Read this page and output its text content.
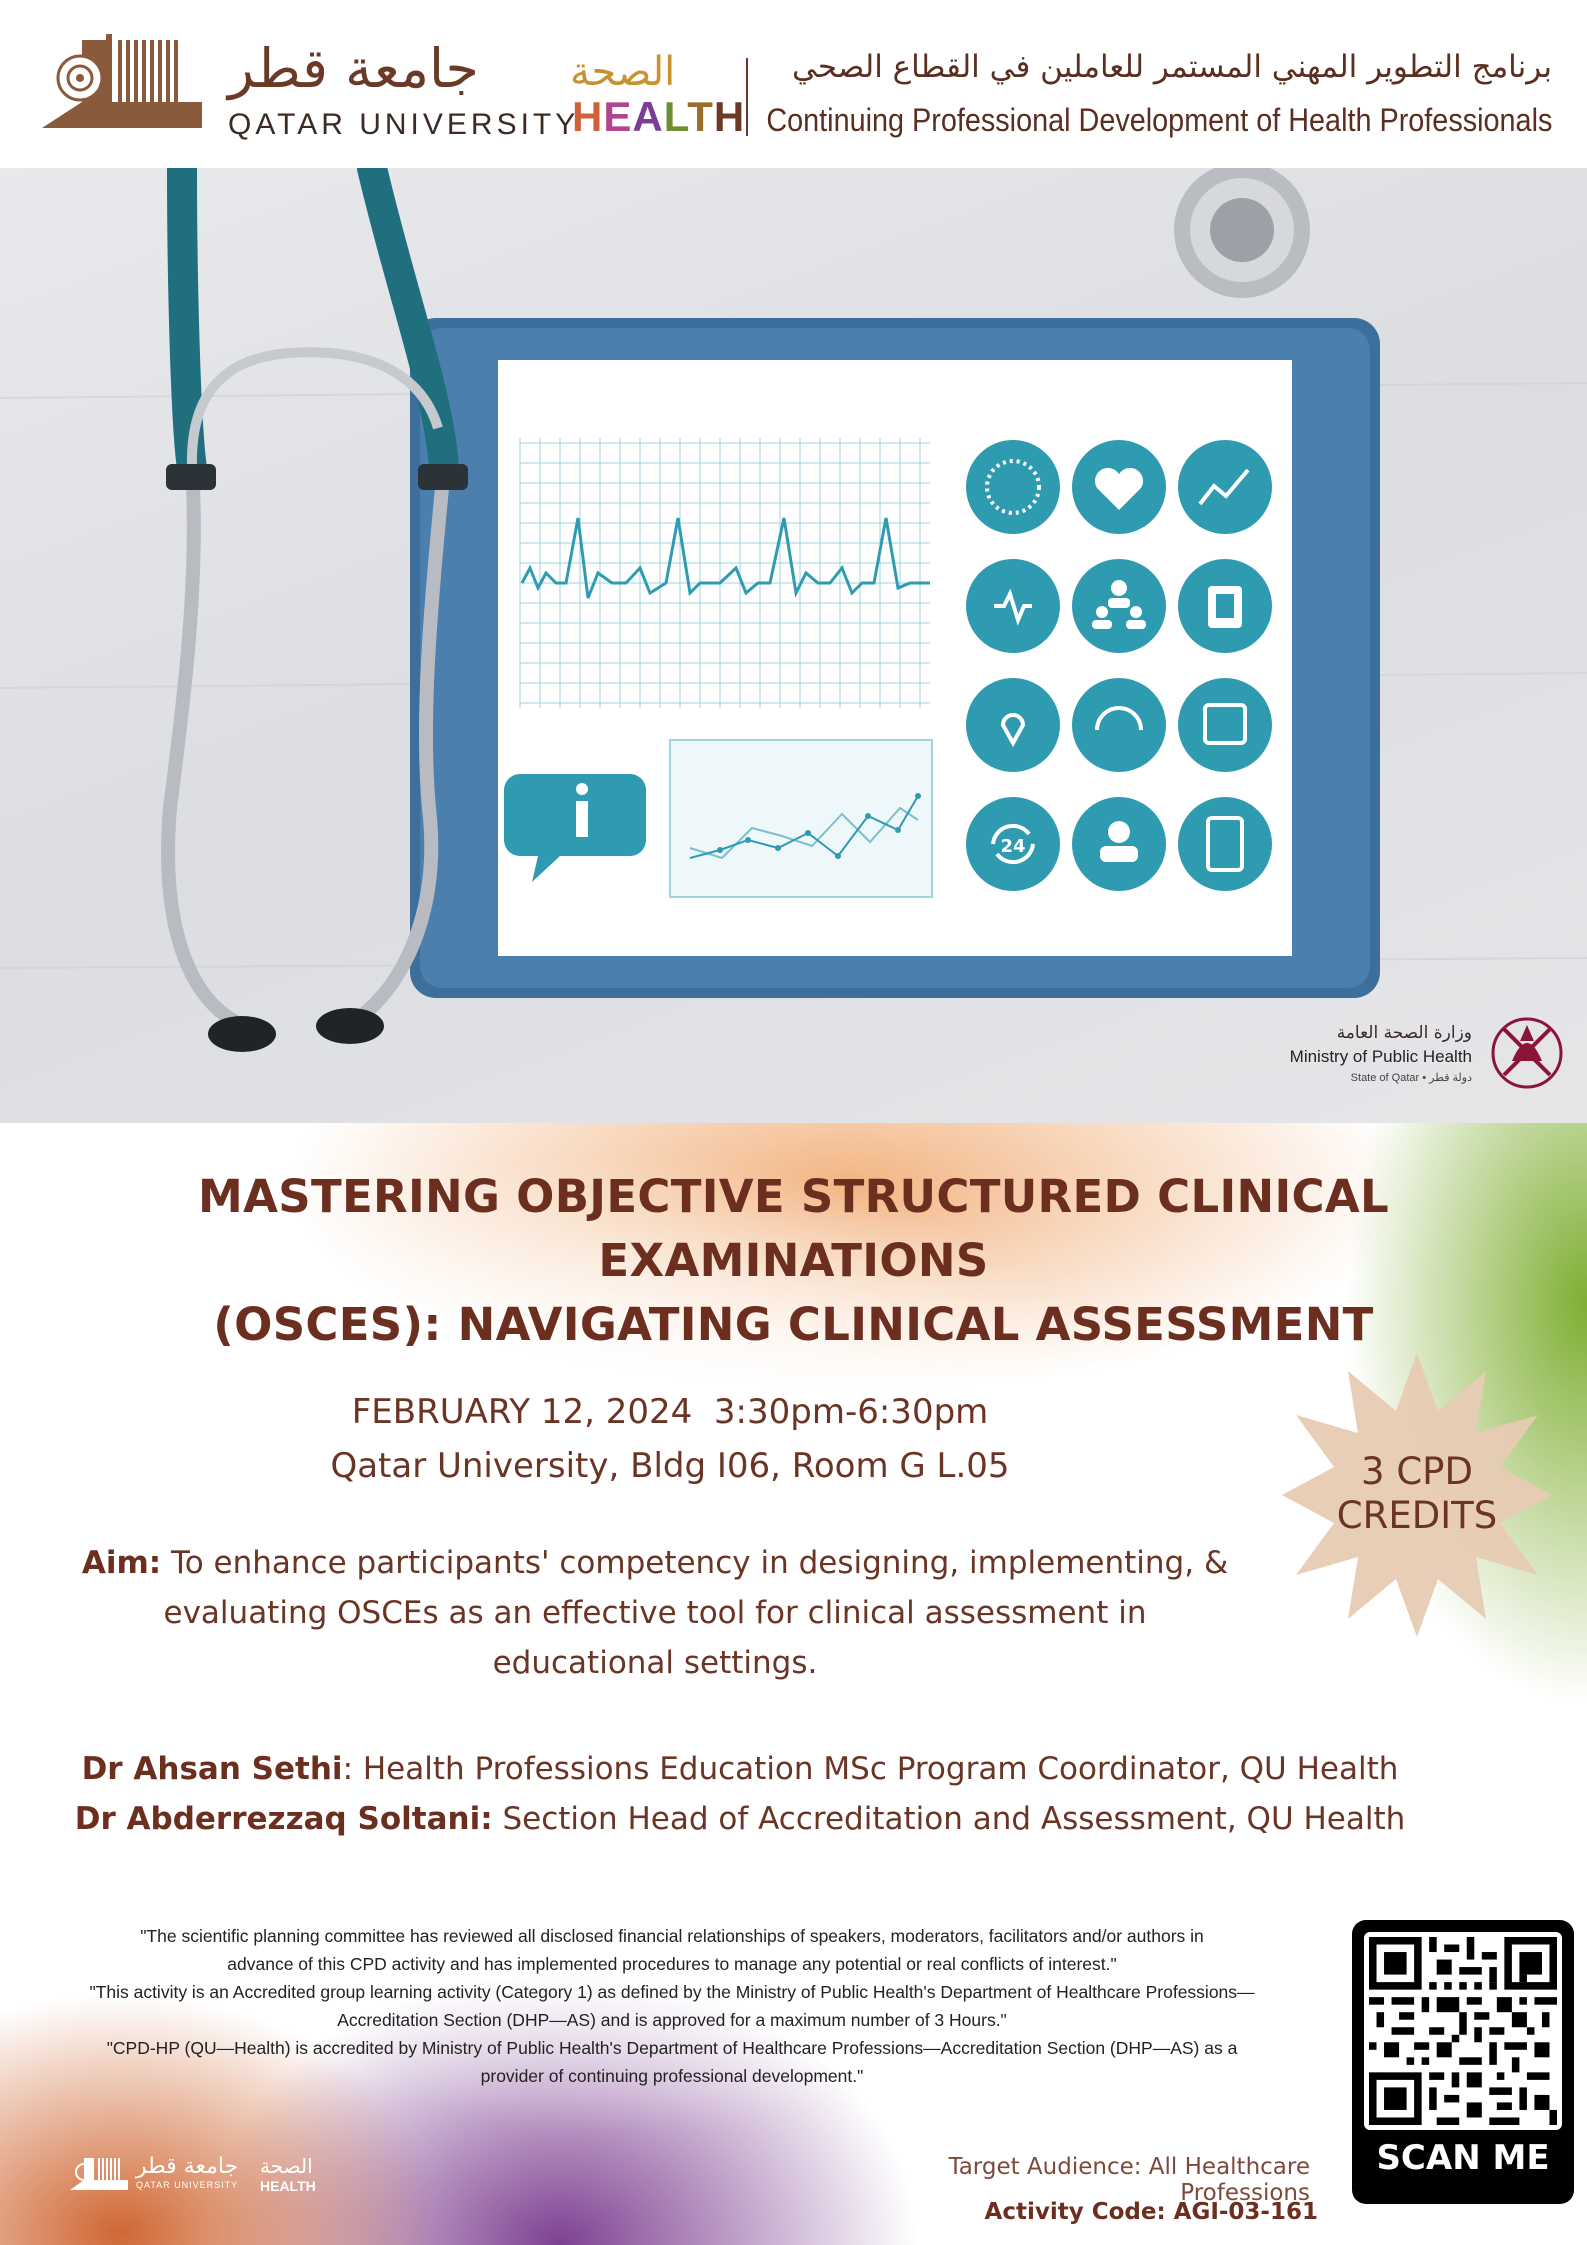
جامعة قطر
QATAR UNIVERSITY
الصحة
HEALTH
برنامج التطوير المهني المستمر للعاملين في القطاع الصحي
Continuing Professional Development of Health Professionals
24
وزارة الصحة العامة
Ministry of Public Health
State of Qatar • دولة قطر
MASTERING OBJECTIVE STRUCTURED CLINICAL EXAMINATIONS
(OSCES): NAVIGATING CLINICAL ASSESSMENT
FEBRUARY 12, 2024  3:30pm-6:30pm
Qatar University, Bldg I06, Room G L.05	3 CPD
CREDITS
Aim: To enhance participants' competency in designing, implementing, & evaluating OSCEs as an effective tool for clinical assessment in educational settings.
Dr Ahsan Sethi: Health Professions Education MSc Program Coordinator, QU Health
Dr Abderrezzaq Soltani: Section Head of Accreditation and Assessment, QU Health
"The scientific planning committee has reviewed all disclosed financial relationships of speakers, moderators, facilitators and/or authors in
advance of this CPD activity and has implemented procedures to manage any potential or real conflicts of interest."
"This activity is an Accredited group learning activity (Category 1) as defined by the Ministry of Public Health's Department of Healthcare Professions—
Accreditation Section (DHP—AS) and is approved for a maximum number of 3 Hours."
"CPD-HP (QU—Health) is accredited by Ministry of Public Health's Department of Healthcare Professions—Accreditation Section (DHP—AS) as a
provider of continuing professional development."
SCAN ME
جامعة قطر
QATAR UNIVERSITY
الصحة
HEALTH
Target Audience: All Healthcare Professions
Activity Code: AGI-03-161
